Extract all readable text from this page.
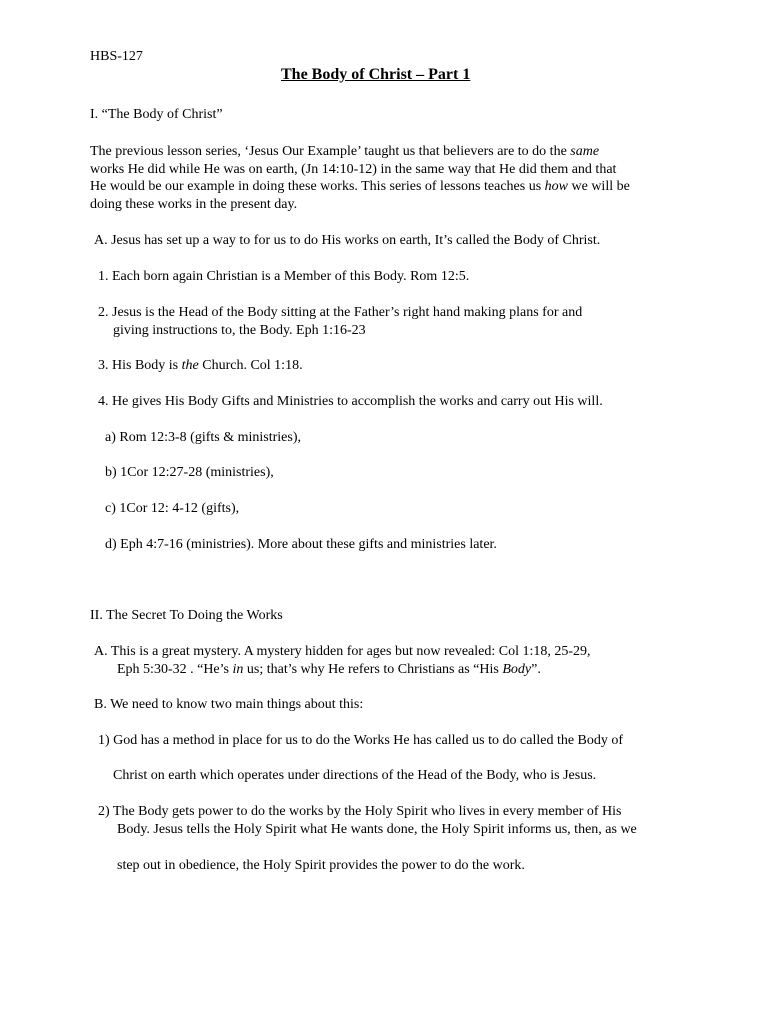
HBS-127

The Body of Christ – Part 1

I. “The Body of Christ”

The previous lesson series, ‘Jesus Our Example’ taught us that believers are to do the same

works He did while He was on earth, (Jn 14:10-12) in the same way that He did them and that

He would be our example in doing these works. This series of lessons teaches us how we will be

doing these works in the present day.

A. Jesus has set up a way to for us to do His works on earth, It’s called the Body of Christ.

1. Each born again Christian is a Member of this Body. Rom 12:5.

2. Jesus is the Head of the Body sitting at the Father’s right hand making plans for and

giving instructions to, the Body. Eph 1:16-23

3. His Body is the Church. Col 1:18.

4. He gives His Body Gifts and Ministries to accomplish the works and carry out His will.

a) Rom 12:3-8 (gifts & ministries),

b) 1Cor 12:27-28 (ministries),

c) 1Cor 12: 4-12 (gifts),

d) Eph 4:7-16 (ministries). More about these gifts and ministries later.

II. The Secret To Doing the Works

A. This is a great mystery. A mystery hidden for ages but now revealed: Col 1:18, 25-29,

Eph 5:30-32 . “He’s in us; that’s why He refers to Christians as “His Body”.

B. We need to know two main things about this:

1) God has a method in place for us to do the Works He has called us to do called the Body of

Christ on earth which operates under directions of the Head of the Body, who is Jesus.

2) The Body gets power to do the works by the Holy Spirit who lives in every member of His

Body. Jesus tells the Holy Spirit what He wants done, the Holy Spirit informs us, then, as we

step out in obedience, the Holy Spirit provides the power to do the work.
